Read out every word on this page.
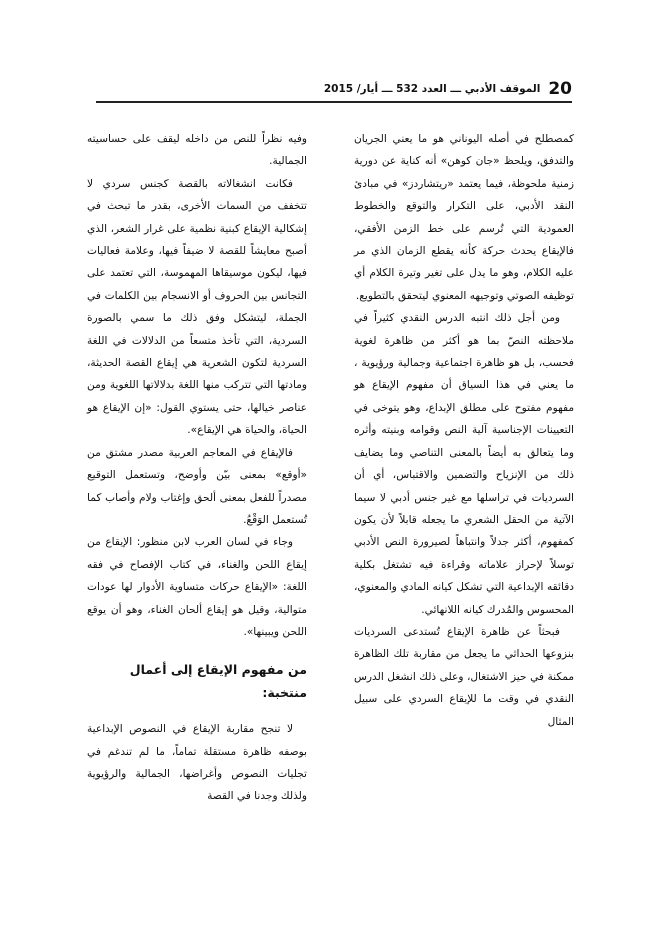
20
الموقف الأدبي ـــ العدد 532 ـــ أيار/ 2015

كمصطلح في أصله اليوناني هو ما يعني الجريان والتدفق، ويلحظ «جان كوهن» أنه كناية عن دورية زمنية ملحوظة، فيما يعتمد «ريتشاردز» في مبادئ النقد الأدبي، على التكرار والتوقع والخطوط العمودية التي تُرسم على خط الزمن الأفقي، فالإيقاع يحدث حركة كأنه يقطع الزمان الذي مر عليه الكلام، وهو ما يدل على تغير وتيرة الكلام أي توظيفه الصوتي وتوجيهه المعنوي ليتحقق بالتطويع.

ومن أجل ذلك انتبه الدرس النقدي كثيراً في ملاحظته النصّ بما هو أكثر من ظاهرة لغوية فحسب، بل هو ظاهرة اجتماعية وجمالية ورؤيوية ، ما يعني في هذا السياق أن مفهوم الإيقاع هو مفهوم مفتوح على مطلق الإبداع، وهو يتوخى في التعيينات الإجناسية آلية النص وقوامه وبنيته وأثره وما يتعالق به أيضاً بالمعنى التناصي وما يضايف ذلك من الإنزياح والتضمين والاقتباس، أي أن السرديات في تراسلها مع غير جنس أدبي لا سيما الآتية من الحقل الشعري ما يجعله قابلاً لأن يكون كمفهوم، أكثر جدلاً وانتباهاً لصيرورة النص الأدبي توسلاً لإحراز علاماته وقراءة فيه تشتغل بكلية دقائقه الإبداعية التي تشكل كيانه المادي والمعنوي، المحسوس والمُدرك كيانه اللانهائي.

فبحثاً عن ظاهرة الإيقاع تُستدعى السرديات بنزوعها الحداثي ما يجعل من مقاربة تلك الظاهرة ممكنة في حيز الاشتغال، وعلى ذلك انشغل الدرس النقدي في وقت ما للإيقاع السردي على سبيل المثال

وفيه نظراً للنص من داخله ليقف على حساسيته الجمالية.

فكانت انشغالاته بالقصة كجنس سردي لا تتخفف من السمات الأخرى، بقدر ما تبحث في إشكالية الإيقاع كبنية نظمية على غرار الشعر، الذي أصبح معايشاً للقصة لا ضيفاً فيها، وعلامة فعاليات فيها، ليكون موسيقاها المهموسة، التي تعتمد على التجانس بين الحروف أو الانسجام بين الكلمات في الجملة، ليتشكل وفق ذلك ما سمي بالصورة السردية، التي تأخذ متسعاً من الدلالات في اللغة السردية لتكون الشعرية هي إيقاع القصة الحديثة، ومادتها التي تتركب منها اللغة بدلالاتها اللغوية ومن عناصر خيالها، حتى يستوي القول: «إن الإيقاع هو الحياة، والحياة هي الإيقاع».

فالإيقاع في المعاجم العربية مصدر مشتق من «أوقع» بمعنى بيّن وأوضح، وتستعمل التوقيع مصدراً للفعل بمعنى ألحق وإغتاب ولام وأصاب كما تُستعمل الوَقْعُ.

وجاء في لسان العرب لابن منظور: الإيقاع من إيقاع اللحن والغناء، في كتاب الإفصاح في فقه اللغة: «الإيقاع حركات متساوية الأدوار لها عودات متوالية، وقيل هو إيقاع ألحان الغناء، وهو أن يوقع اللحن ويبينها».

من مفهوم الإيقاع إلى أعمال منتخبة:

لا تنجح مقاربة الإيقاع في النصوص الإبداعية بوصفه ظاهرة مستقلة تماماً، ما لم تندغم في تجليات النصوص وأغراضها، الجمالية والرؤيوية ولذلك وجدنا في القصة
